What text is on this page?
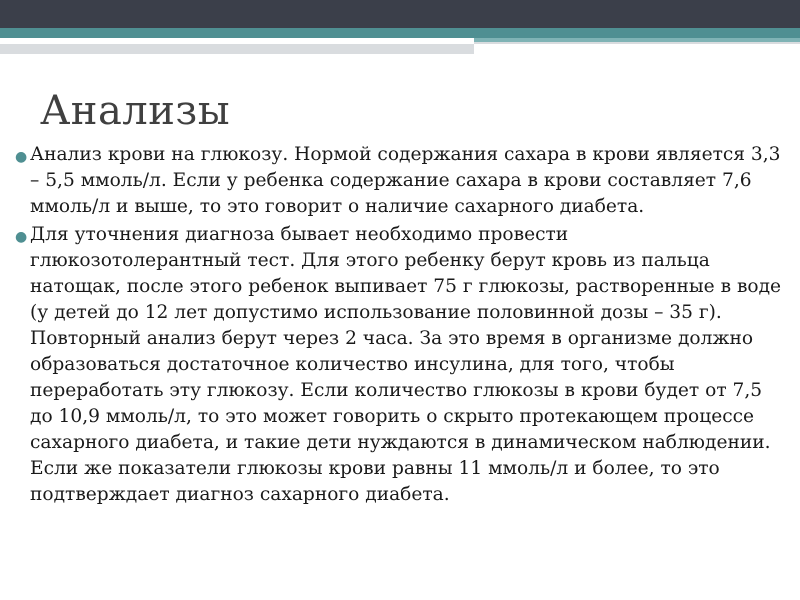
Анализы
● Анализ крови на глюкозу. Нормой содержания сахара в крови является 3,3 – 5,5 ммоль/л. Если у ребенка содержание сахара в крови составляет 7,6 ммоль/л и выше, то это говорит о наличие сахарного диабета.
● Для уточнения диагноза бывает необходимо провести глюкозотолерантный тест. Для этого ребенку берут кровь из пальца натощак, после этого ребенок выпивает 75 г глюкозы, растворенные в воде (у детей до 12 лет допустимо использование половинной дозы – 35 г). Повторный анализ берут через 2 часа. За это время в организме должно образоваться достаточное количество инсулина, для того, чтобы переработать эту глюкозу. Если количество глюкозы в крови будет от 7,5 до 10,9 ммоль/л, то это может говорить о скрыто протекающем процессе сахарного диабета, и такие дети нуждаются в динамическом наблюдении. Если же показатели глюкозы крови равны 11 ммоль/л и более, то это подтверждает диагноз сахарного диабета.
